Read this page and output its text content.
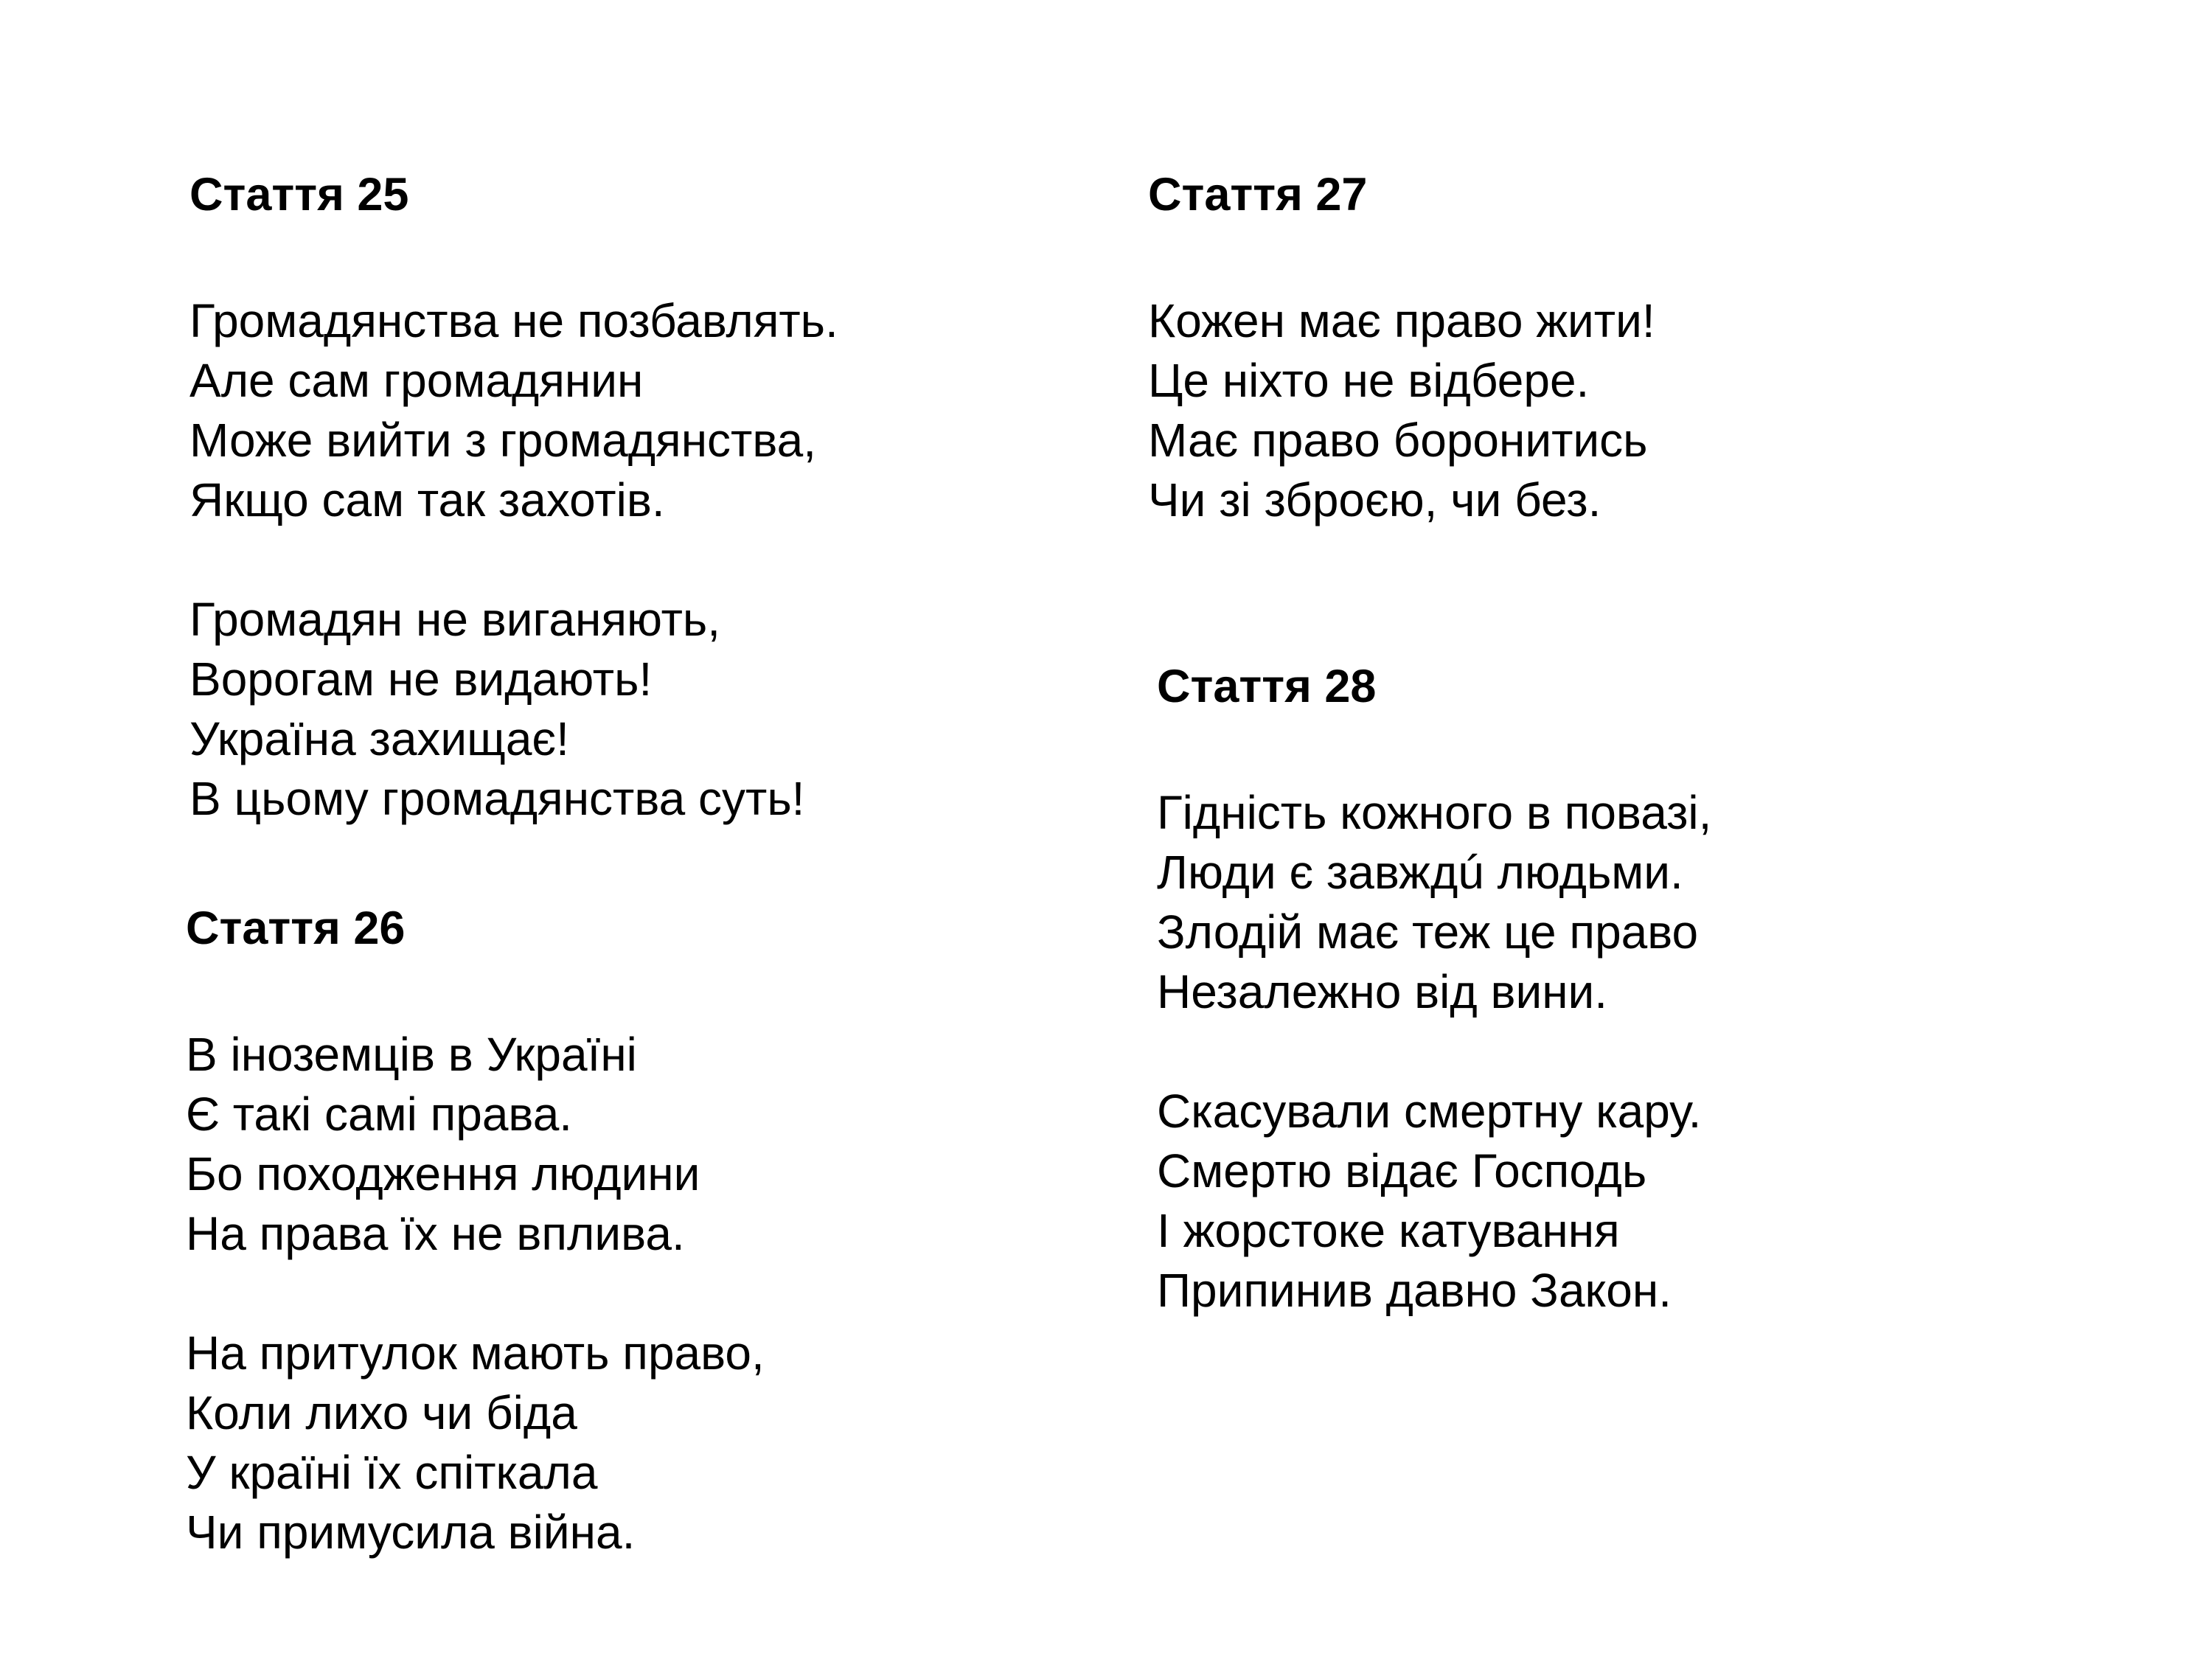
Стаття 25
Громадянства не позбавлять.
Але сам громадянин
Може вийти з громадянства,
Якщо сам так захотів.
Громадян не виганяють,
Ворогам не видають!
Україна захищає!
В цьому громадянства суть!
Стаття 26
В іноземців в Україні
Є такі самі права.
Бо походження людини
На права їх не вплива.
На притулок мають право,
Коли лихо чи біда
У країні їх спіткала
Чи примусила війна.
Стаття 27
Кожен має право жити!
Це ніхто не відбере.
Має право боронитись
Чи зі зброєю, чи без.
Стаття 28
Гідність кожного в повазі,
Люди є завждú людьми.
Злодій має теж це право
Незалежно від вини.
Скасували смертну кару.
Смертю відає Господь
І жорстоке катування
Припинив давно Закон.
